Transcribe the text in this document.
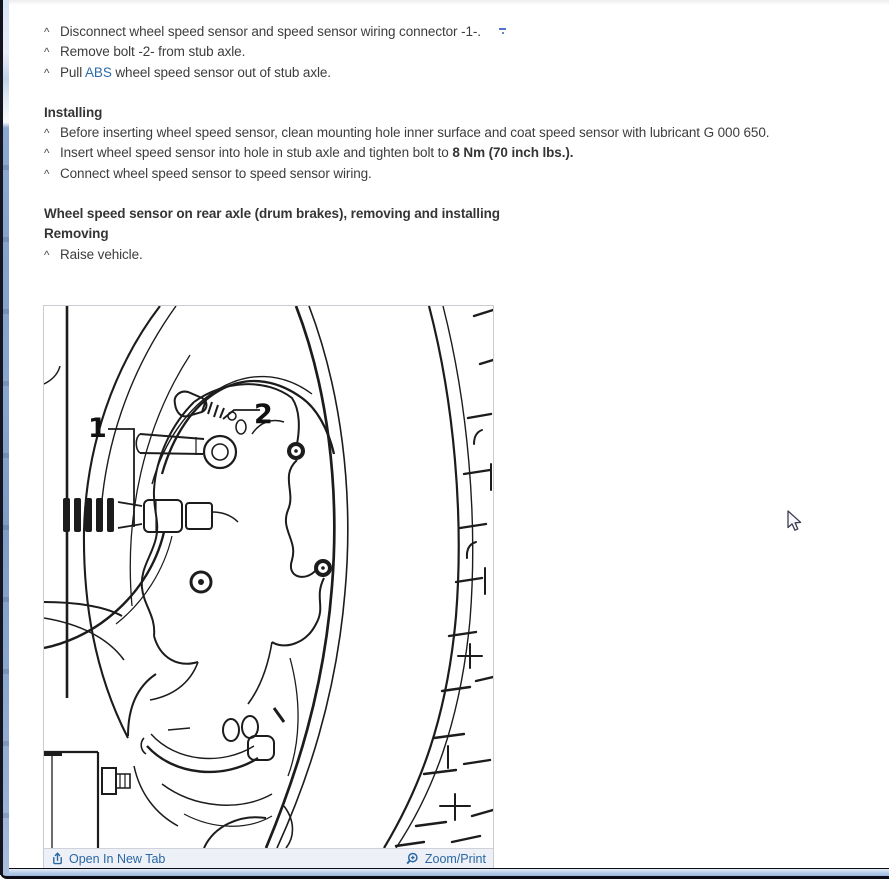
^ Disconnect wheel speed sensor and speed sensor wiring connector -1-.
^ Remove bolt -2- from stub axle.
^ Pull ABS wheel speed sensor out of stub axle.
Installing
^ Before inserting wheel speed sensor, clean mounting hole inner surface and coat speed sensor with lubricant G 000 650.
^ Insert wheel speed sensor into hole in stub axle and tighten bolt to 8 Nm (70 inch lbs.).
^ Connect wheel speed sensor to speed sensor wiring.
Wheel speed sensor on rear axle (drum brakes), removing and installing
Removing
^ Raise vehicle.
1	2
Open In New Tab	Zoom/Print
